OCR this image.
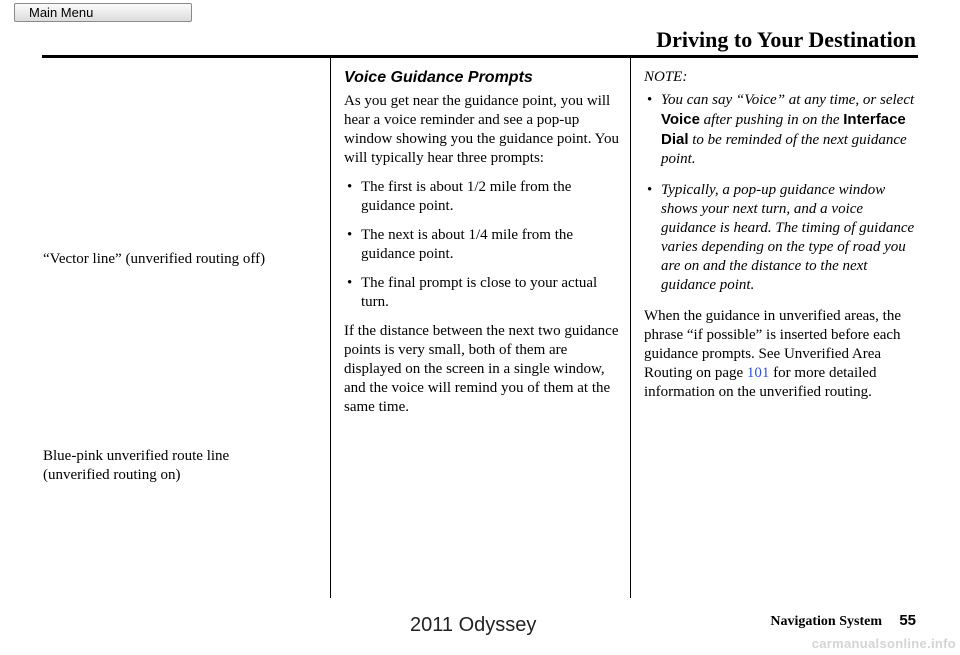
Main Menu
Driving to Your Destination

“Vector line” (unverified routing off)

Blue-pink unverified route line
(unverified routing on)

Voice Guidance Prompts

As you get near the guidance point, you will hear a voice reminder and see a pop-up window showing you the guidance point. You will typically hear three prompts:

• The first is about 1/2 mile from the guidance point.
• The next is about 1/4 mile from the guidance point.
• The final prompt is close to your actual turn.

If the distance between the next two guidance points is very small, both of them are displayed on the screen in a single window, and the voice will remind you of them at the same time.

NOTE:

• You can say “Voice” at any time, or select Voice after pushing in on the Interface Dial to be reminded of the next guidance point.
• Typically, a pop-up guidance window shows your next turn, and a voice guidance is heard. The timing of guidance varies depending on the type of road you are on and the distance to the next guidance point.

When the guidance in unverified areas, the phrase “if possible” is inserted before each guidance prompts. See Unverified Area Routing on page 101 for more detailed information on the unverified routing.

Navigation System 55

2011 Odyssey

carmanualsonline.info
